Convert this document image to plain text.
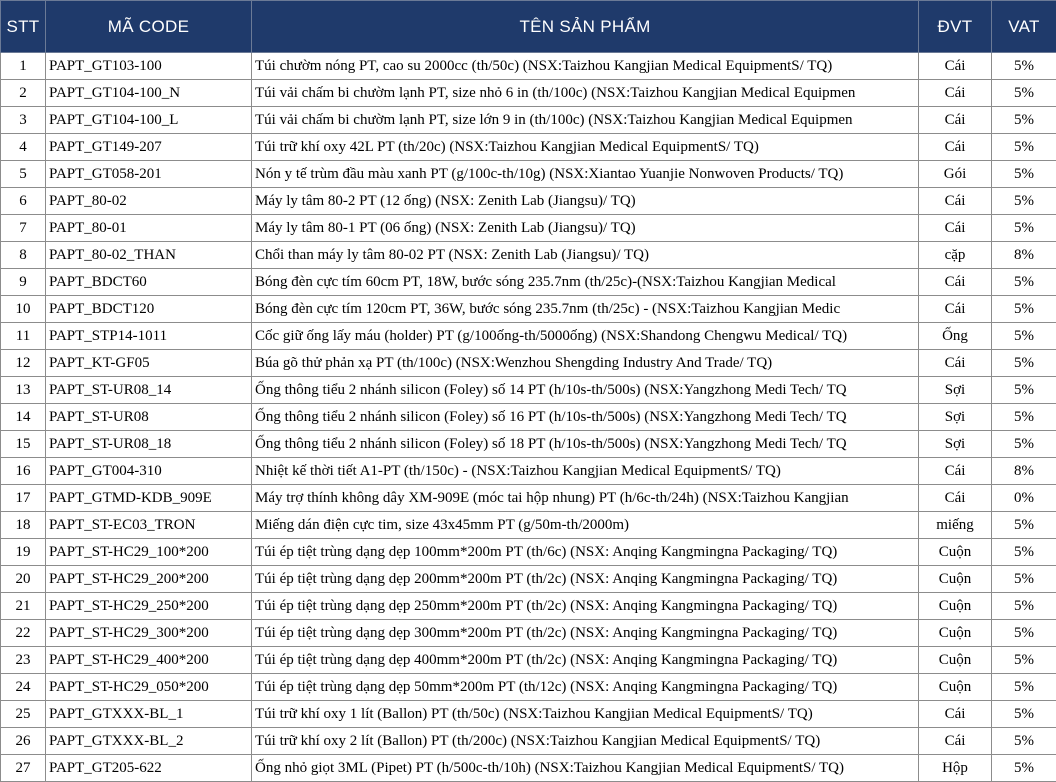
STT	MÃ CODE	TÊN SẢN PHẨM	ĐVT	VAT
1	PAPT_GT103-100	Túi chườm nóng PT, cao su 2000cc (th/50c) (NSX:Taizhou Kangjian Medical EquipmentS/ TQ)	Cái	5%
2	PAPT_GT104-100_N	Túi vải chấm bi chườm lạnh PT, size nhỏ 6 in (th/100c) (NSX:Taizhou Kangjian Medical Equipmen	Cái	5%
3	PAPT_GT104-100_L	Túi vải chấm bi chườm lạnh PT, size lớn 9 in (th/100c) (NSX:Taizhou Kangjian Medical Equipmen	Cái	5%
4	PAPT_GT149-207	Túi trữ khí oxy 42L PT (th/20c) (NSX:Taizhou Kangjian Medical EquipmentS/ TQ)	Cái	5%
5	PAPT_GT058-201	Nón y tế trùm đầu màu xanh PT (g/100c-th/10g) (NSX:Xiantao Yuanjie Nonwoven Products/ TQ)	Gói	5%
6	PAPT_80-02	Máy ly tâm 80-2 PT (12 ống) (NSX: Zenith Lab (Jiangsu)/ TQ)	Cái	5%
7	PAPT_80-01	Máy ly tâm 80-1 PT (06 ống) (NSX: Zenith Lab (Jiangsu)/ TQ)	Cái	5%
8	PAPT_80-02_THAN	Chổi than máy ly tâm 80-02 PT (NSX: Zenith Lab (Jiangsu)/ TQ)	cặp	8%
9	PAPT_BDCT60	Bóng đèn cực tím 60cm PT, 18W, bước sóng 235.7nm (th/25c)-(NSX:Taizhou Kangjian Medical	Cái	5%
10	PAPT_BDCT120	Bóng đèn cực tím 120cm PT, 36W, bước sóng 235.7nm (th/25c) - (NSX:Taizhou Kangjian Medic	Cái	5%
11	PAPT_STP14-1011	Cốc giữ ống lấy máu (holder) PT (g/100ống-th/5000ống) (NSX:Shandong Chengwu Medical/ TQ)	Ống	5%
12	PAPT_KT-GF05	Búa gõ thử phản xạ PT (th/100c) (NSX:Wenzhou Shengding Industry And Trade/ TQ)	Cái	5%
13	PAPT_ST-UR08_14	Ống thông tiểu 2 nhánh silicon (Foley) số 14 PT (h/10s-th/500s) (NSX:Yangzhong Medi Tech/ TQ	Sợi	5%
14	PAPT_ST-UR08	Ống thông tiểu 2 nhánh silicon (Foley) số 16 PT (h/10s-th/500s) (NSX:Yangzhong Medi Tech/ TQ	Sợi	5%
15	PAPT_ST-UR08_18	Ống thông tiểu 2 nhánh silicon (Foley) số 18 PT (h/10s-th/500s) (NSX:Yangzhong Medi Tech/ TQ	Sợi	5%
16	PAPT_GT004-310	Nhiệt kế thời tiết A1-PT (th/150c) - (NSX:Taizhou Kangjian Medical EquipmentS/ TQ)	Cái	8%
17	PAPT_GTMD-KDB_909E	Máy trợ thính không dây XM-909E (móc tai hộp nhung) PT (h/6c-th/24h) (NSX:Taizhou Kangjian	Cái	0%
18	PAPT_ST-EC03_TRON	Miếng dán điện cực tim, size 43x45mm PT (g/50m-th/2000m)	miếng	5%
19	PAPT_ST-HC29_100*200	Túi ép tiệt trùng dạng dẹp 100mm*200m PT (th/6c) (NSX: Anqing Kangmingna Packaging/ TQ)	Cuộn	5%
20	PAPT_ST-HC29_200*200	Túi ép tiệt trùng dạng dẹp 200mm*200m PT (th/2c) (NSX: Anqing Kangmingna Packaging/ TQ)	Cuộn	5%
21	PAPT_ST-HC29_250*200	Túi ép tiệt trùng dạng dẹp 250mm*200m PT (th/2c) (NSX: Anqing Kangmingna Packaging/ TQ)	Cuộn	5%
22	PAPT_ST-HC29_300*200	Túi ép tiệt trùng dạng dẹp 300mm*200m PT (th/2c) (NSX: Anqing Kangmingna Packaging/ TQ)	Cuộn	5%
23	PAPT_ST-HC29_400*200	Túi ép tiệt trùng dạng dẹp 400mm*200m PT (th/2c) (NSX: Anqing Kangmingna Packaging/ TQ)	Cuộn	5%
24	PAPT_ST-HC29_050*200	Túi ép tiệt trùng dạng dẹp 50mm*200m PT (th/12c) (NSX: Anqing Kangmingna Packaging/ TQ)	Cuộn	5%
25	PAPT_GTXXX-BL_1	Túi trữ khí oxy 1 lít (Ballon) PT (th/50c) (NSX:Taizhou Kangjian Medical EquipmentS/ TQ)	Cái	5%
26	PAPT_GTXXX-BL_2	Túi trữ khí oxy 2 lít (Ballon) PT (th/200c) (NSX:Taizhou Kangjian Medical EquipmentS/ TQ)	Cái	5%
27	PAPT_GT205-622	Ống nhỏ giọt 3ML (Pipet) PT (h/500c-th/10h) (NSX:Taizhou Kangjian Medical EquipmentS/ TQ)	Hộp	5%
